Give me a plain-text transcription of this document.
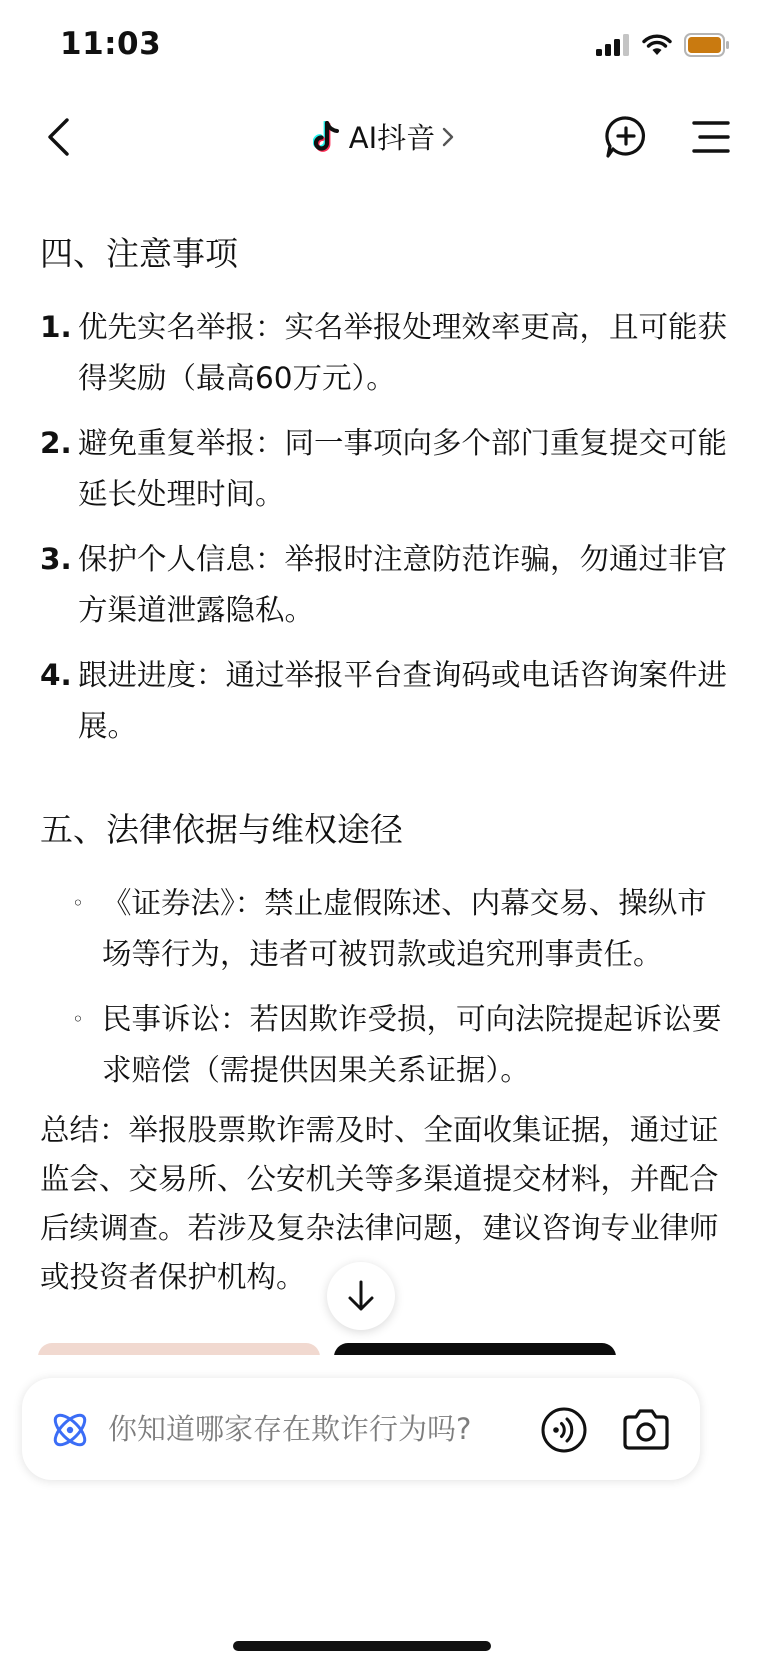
11:03
AI抖音
四、注意事项
1. 优先实名举报：实名举报处理效率更高，且可能获得奖励（最高60万元）。
2. 避免重复举报：同一事项向多个部门重复提交可能延长处理时间。
3. 保护个人信息：举报时注意防范诈骗，勿通过非官方渠道泄露隐私。
4. 跟进进度：通过举报平台查询码或电话咨询案件进展。
五、法律依据与维权途径
◦ 《证券法》：禁止虚假陈述、内幕交易、操纵市场等行为，违者可被罚款或追究刑事责任。
◦ 民事诉讼：若因欺诈受损，可向法院提起诉讼要求赔偿（需提供因果关系证据）。
总结：举报股票欺诈需及时、全面收集证据，通过证监会、交易所、公安机关等多渠道提交材料，并配合后续调查。若涉及复杂法律问题，建议咨询专业律师或投资者保护机构。
你知道哪家存在欺诈行为吗?
